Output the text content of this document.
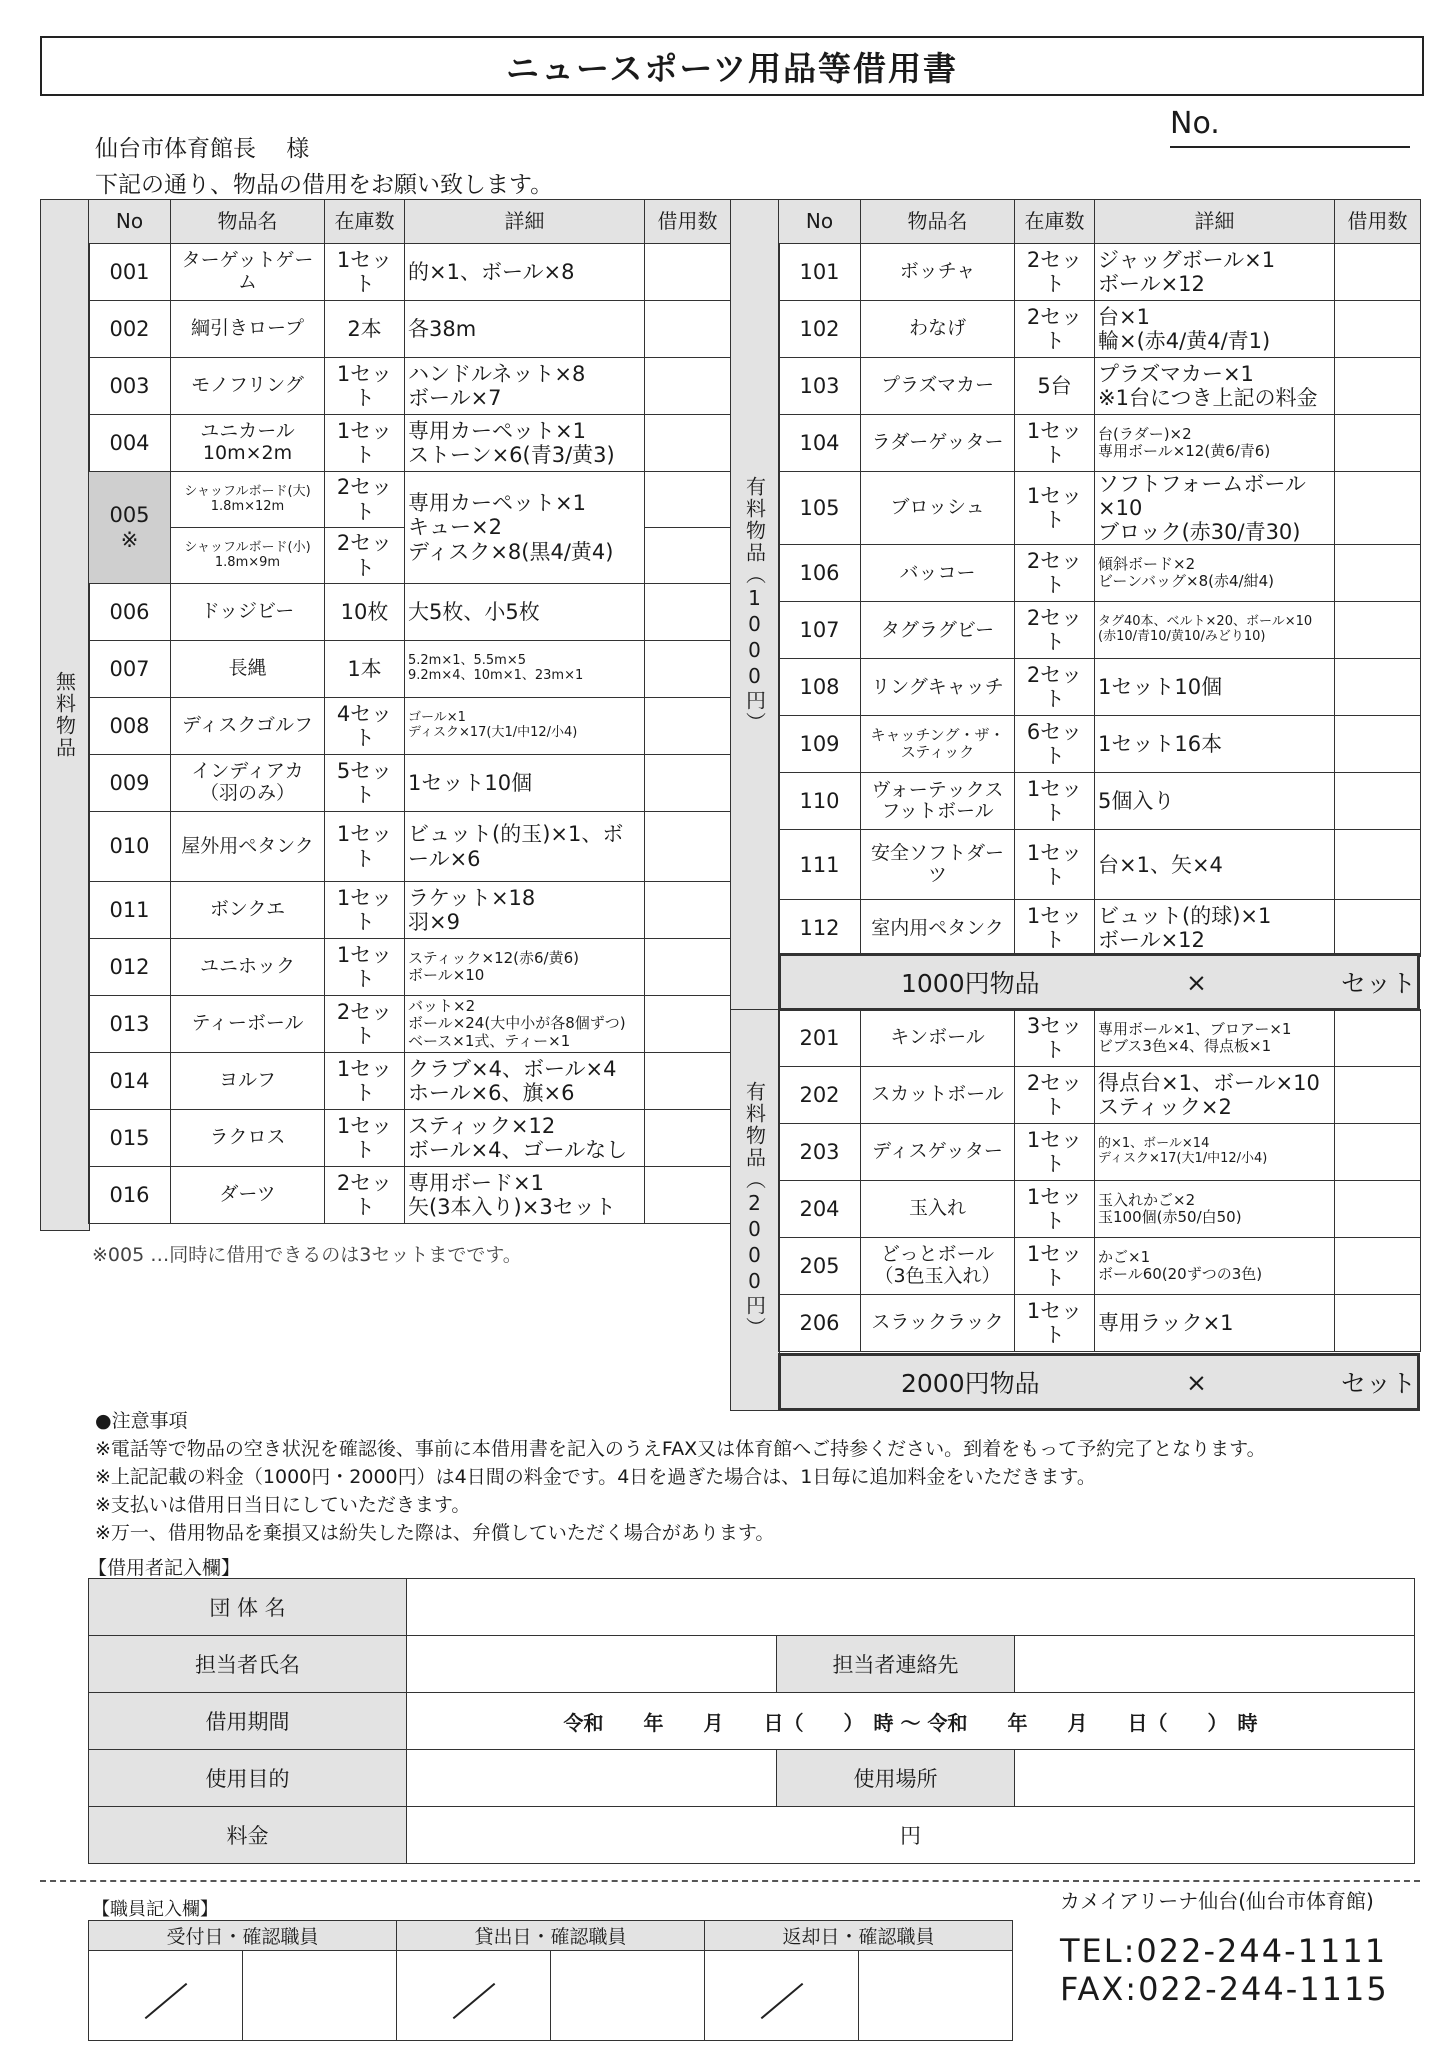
ニュースポーツ用品等借用書
No.
仙台市体育館長　 様
下記の通り、物品の借用をお願い致します。
無料物品	有料物品（1000円）
有料物品（2000円）
No	物品名	在庫数	詳細	借用数
001	ターゲットゲーム	1セット	的×1、ボール×8	
002	綱引きロープ	2本	各38m	
003	モノフリング	1セット	ハンドルネット×8
ボール×7	
004	ユニカール
10m×2m	1セット	専用カーペット×1
ストーン×6(青3/黄3)	
005
※	シャッフルボード(大)
1.8m×12m	2セット	専用カーペット×1
キュー×2
ディスク×8(黒4/黄4)	
	シャッフルボード(小)
1.8m×9m	2セット		
006	ドッジビー	10枚	大5枚、小5枚	
007	長縄	1本	5.2m×1、5.5m×5
9.2m×4、10m×1、23m×1	
008	ディスクゴルフ	4セット	ゴール×1
ディスク×17(大1/中12/小4)	
009	インディアカ
（羽のみ）	5セット	1セット10個	
010	屋外用ペタンク	1セット	ビュット(的玉)×1、ボール×6	
011	ボンクエ	1セット	ラケット×18
羽×9	
012	ユニホック	1セット	スティック×12(赤6/黄6)
ボール×10	
013	ティーボール	2セット	バット×2
ボール×24(大中小が各8個ずつ)
ベース×1式、ティー×1	
014	ヨルフ	1セット	クラブ×4、ボール×4
ホール×6、旗×6	
015	ラクロス	1セット	スティック×12
ボール×4、ゴールなし	
016	ダーツ	2セット	専用ボード×1
矢(3本入り)×3セット	
No	物品名	在庫数	詳細	借用数
101	ボッチャ	2セット	ジャッグボール×1
ボール×12	
102	わなげ	2セット	台×1
輪×(赤4/黄4/青1)	
103	プラズマカー	5台	プラズマカー×1
※1台につき上記の料金	
104	ラダーゲッター	1セット	台(ラダー)×2
専用ボール×12(黄6/青6)	
105	ブロッシュ	1セット	ソフトフォームボール×10
ブロック(赤30/青30)	
106	バッコー	2セット	傾斜ボード×2
ビーンバッグ×8(赤4/紺4)	
107	タグラグビー	2セット	タグ40本、ベルト×20、ボール×10
(赤10/青10/黄10/みどり10)	
108	リングキャッチ	2セット	1セット10個	
109	キャッチング・ザ・
スティック	6セット	1セット16本	
110	ヴォーテックス
フットボール	1セット	5個入り	
111	安全ソフトダーツ	1セット	台×1、矢×4	
112	室内用ペタンク	1セット	ビュット(的球)×1
ボール×12	
1000円物品	×	セット
201	キンボール	3セット	専用ボール×1、ブロアー×1
ビブス3色×4、得点板×1	
202	スカットボール	2セット	得点台×1、ボール×10
スティック×2	
203	ディスゲッター	1セット	的×1、ボール×14
ディスク×17(大1/中12/小4)	
204	玉入れ	1セット	玉入れかご×2
玉100個(赤50/白50)	
205	どっとボール
（3色玉入れ）	1セット	かご×1
ボール60(20ずつの3色)	
206	スラックラック	1セット	専用ラック×1	
2000円物品	×	セット
※005 …同時に借用できるのは3セットまでです。
●注意事項
※電話等で物品の空き状況を確認後、事前に本借用書を記入のうえFAX又は体育館へご持参ください。到着をもって予約完了となります。
※上記記載の料金（1000円・2000円）は4日間の料金です。4日を過ぎた場合は、1日毎に追加料金をいただきます。
※支払いは借用日当日にしていただきます。
※万一、借用物品を棄損又は紛失した際は、弁償していただく場合があります。
【借用者記入欄】
団 体 名			
担当者氏名		担当者連絡先	
借用期間	令和　　年　　月　　日（　　）　時 〜 令和　　年　　月　　日（　　）　時		
使用目的		使用場所	
料金	円		
【職員記入欄】	カメイアリーナ仙台(仙台市体育館)
TEL:022-244-1111
FAX:022-244-1115
受付日・確認職員		貸出日・確認職員		返却日・確認職員	
